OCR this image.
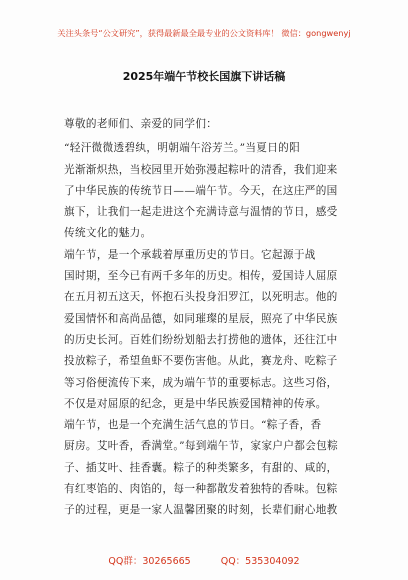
关注头条号“公文研究”，获得最新最全最专业的公文资料库！ 微信：gongwenyj
2025年端午节校长国旗下讲话稿
尊敬的老师们、亲爱的同学们：
“轻汗微微透碧纨，明朝端午浴芳兰。”当夏日的阳
光渐渐炽热，当校园里开始弥漫起粽叶的清香，我们迎来
了中华民族的传统节日——端午节。今天，在这庄严的国
旗下，让我们一起走进这个充满诗意与温情的节日，感受
传统文化的魅力。
端午节，是一个承载着厚重历史的节日。它起源于战
国时期，至今已有两千多年的历史。相传，爱国诗人屈原
在五月初五这天，怀抱石头投身汨罗江，以死明志。他的
爱国情怀和高尚品德，如同璀璨的星辰，照亮了中华民族
的历史长河。百姓们纷纷划船去打捞他的遗体，还往江中
投放粽子，希望鱼虾不要伤害他。从此，赛龙舟、吃粽子
等习俗便流传下来，成为端午节的重要标志。这些习俗，
不仅是对屈原的纪念，更是中华民族爱国精神的传承。
端午节，也是一个充满生活气息的节日。“粽子香，香
厨房。艾叶香，香满堂。”每到端午节，家家户户都会包粽
子、插艾叶、挂香囊。粽子的种类繁多，有甜的、咸的，
有红枣馅的、肉馅的，每一种都散发着独特的香味。包粽
子的过程，更是一家人温馨团聚的时刻，长辈们耐心地教
QQ群：30265665	QQ：535304092
